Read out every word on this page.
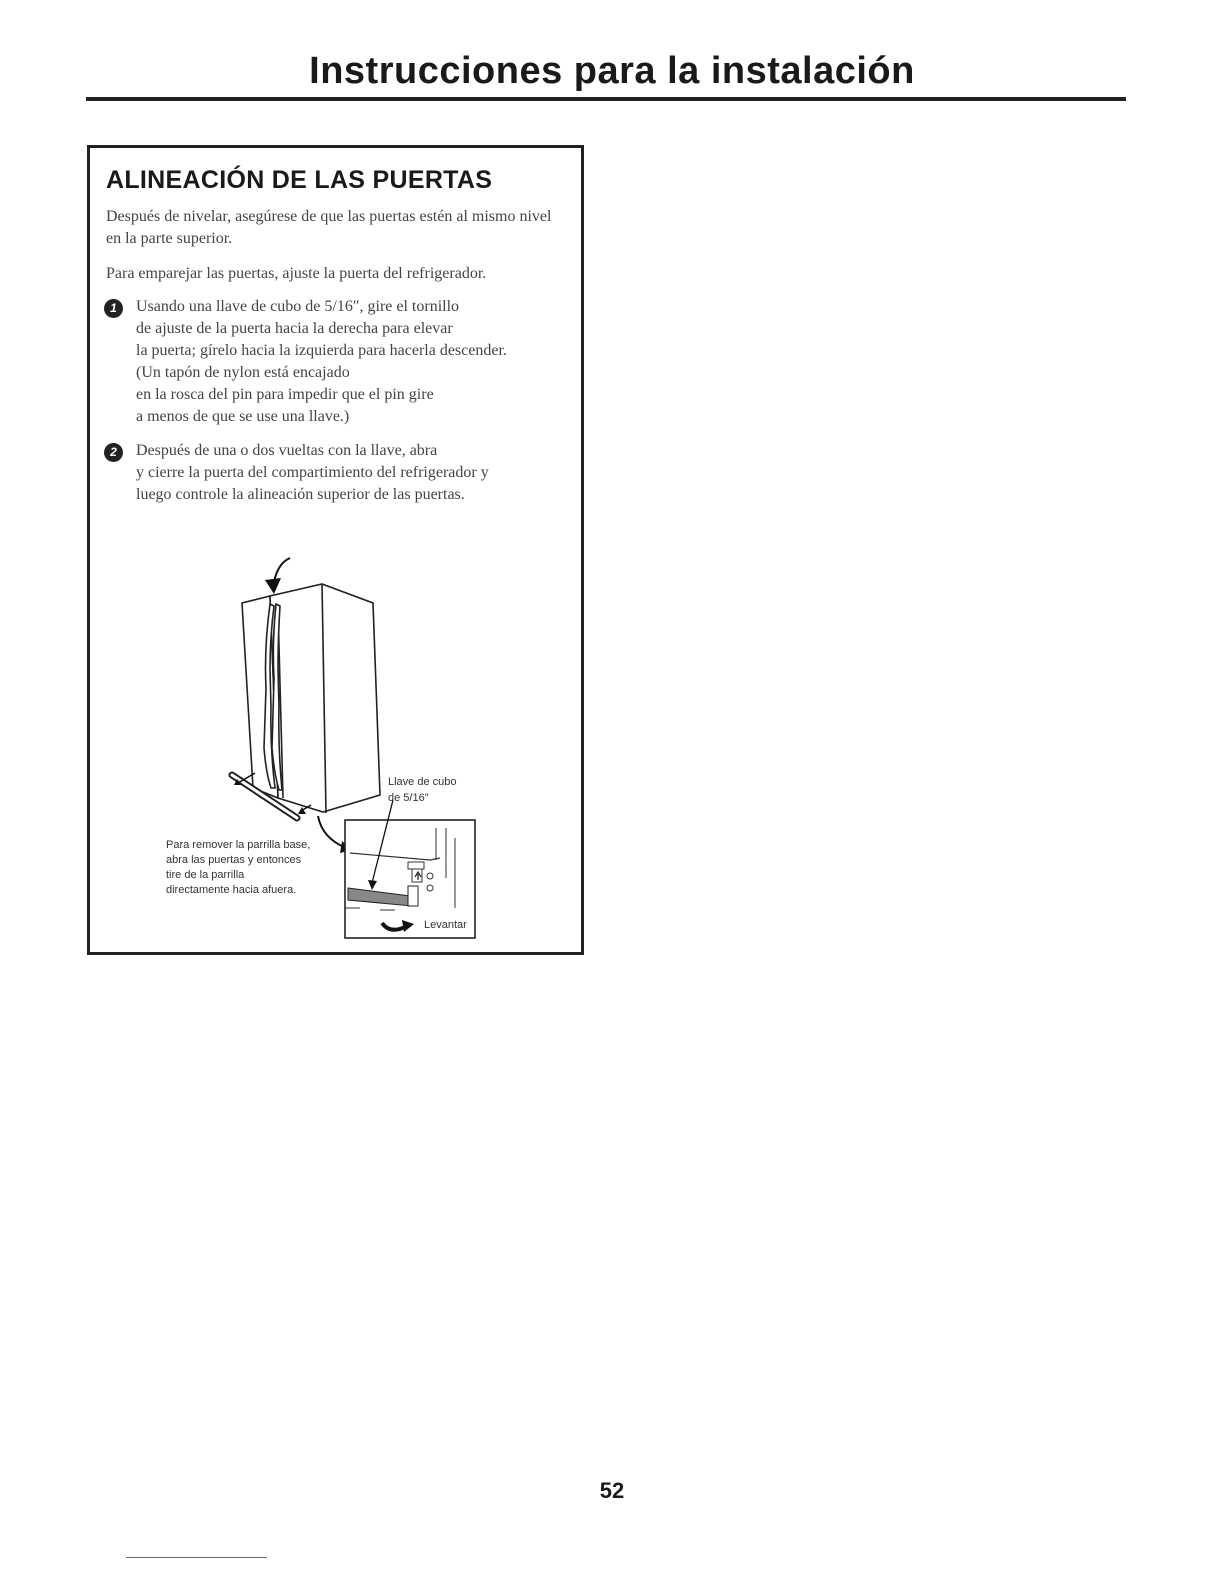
Instrucciones para la instalación
ALINEACIÓN DE LAS PUERTAS
Después de nivelar, asegúrese de que las puertas estén al mismo nivel en la parte superior.
Para emparejar las puertas, ajuste la puerta del refrigerador.
1	Usando una llave de cubo de 5/16″, gire el tornillo
de ajuste de la puerta hacia la derecha para elevar
la puerta; gírelo hacia la izquierda para hacerla descender.
(Un tapón de nylon está encajado
en la rosca del pin para impedir que el pin gire
a menos de que se use una llave.)
2	Después de una o dos vueltas con la llave, abra
y cierre la puerta del compartimiento del refrigerador y
luego controle la alineación superior de las puertas.
Llave de cubo
de 5/16″
Para remover la parrilla base,
abra las puertas y entonces
tire de la parrilla
directamente hacia afuera.
Levantar
52
